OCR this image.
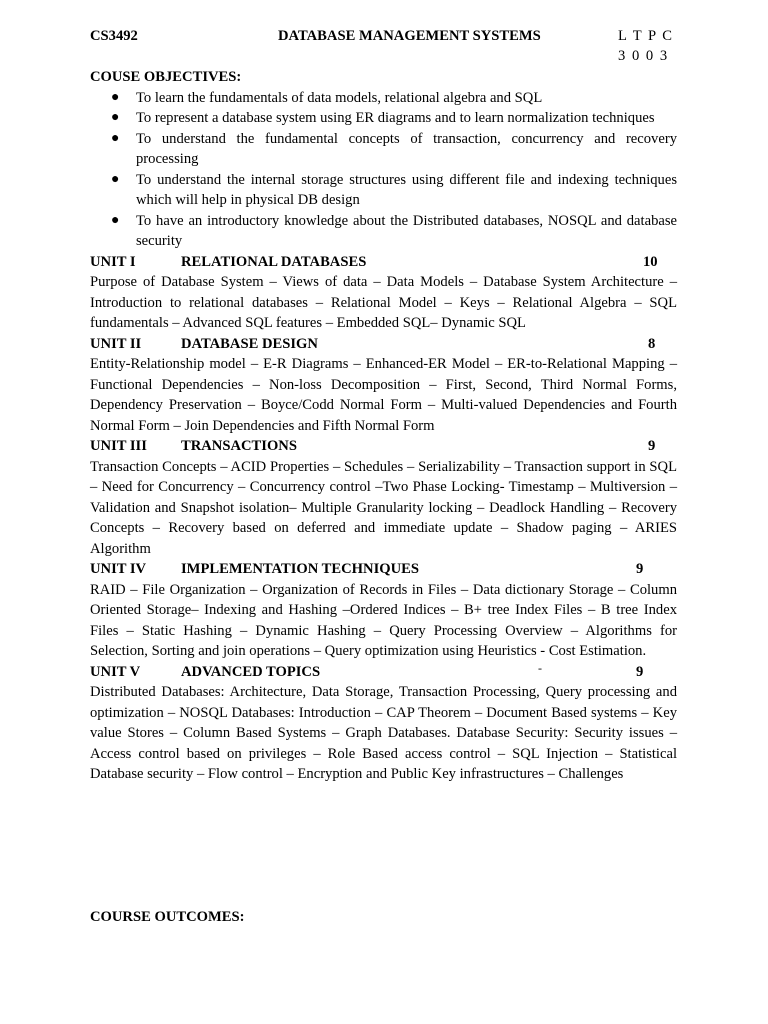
CS3492	DATABASE MANAGEMENT SYSTEMS	L T P C
3 0 0 3

COUSE OBJECTIVES:

● To learn the fundamentals of data models, relational algebra and SQL
● To represent a database system using ER diagrams and to learn normalization techniques
● To understand the fundamental concepts of transaction, concurrency and recovery processing
● To understand the internal storage structures using different file and indexing techniques which will help in physical DB design
● To have an introductory knowledge about the Distributed databases, NOSQL and database security
UNIT I	RELATIONAL DATABASES	10

Purpose of Database System – Views of data – Data Models – Database System Architecture – Introduction to relational databases – Relational Model – Keys – Relational Algebra – SQL fundamentals – Advanced SQL features – Embedded SQL– Dynamic SQL

UNIT II	DATABASE DESIGN	8

Entity-Relationship model – E-R Diagrams – Enhanced-ER Model – ER-to-Relational Mapping – Functional Dependencies – Non-loss Decomposition – First, Second, Third Normal Forms, Dependency Preservation – Boyce/Codd Normal Form – Multi-valued Dependencies and Fourth Normal Form – Join Dependencies and Fifth Normal Form

UNIT III TRANSACTIONS	9

Transaction Concepts – ACID Properties – Schedules – Serializability – Transaction support in SQL – Need for Concurrency – Concurrency control –Two Phase Locking- Timestamp – Multiversion – Validation and Snapshot isolation– Multiple Granularity locking – Deadlock Handling – Recovery Concepts – Recovery based on deferred and immediate update – Shadow paging – ARIES Algorithm

UNIT IV IMPLEMENTATION TECHNIQUES	9

RAID – File Organization – Organization of Records in Files – Data dictionary Storage – Column Oriented Storage– Indexing and Hashing –Ordered Indices – B+ tree Index Files – B tree Index Files – Static Hashing – Dynamic Hashing – Query Processing Overview – Algorithms for Selection, Sorting and join operations – Query optimization using Heuristics - Cost Estimation.

UNIT V	ADVANCED TOPICS	9

Distributed Databases: Architecture, Data Storage, Transaction Processing, Query processing and optimization – NOSQL Databases: Introduction – CAP Theorem – Document Based systems – Key value Stores – Column Based Systems – Graph Databases. Database Security: Security issues – Access control based on privileges – Role Based access control – SQL Injection – Statistical Database security – Flow control – Encryption and Public Key infrastructures – Challenges

-
COURSE OUTCOMES:
